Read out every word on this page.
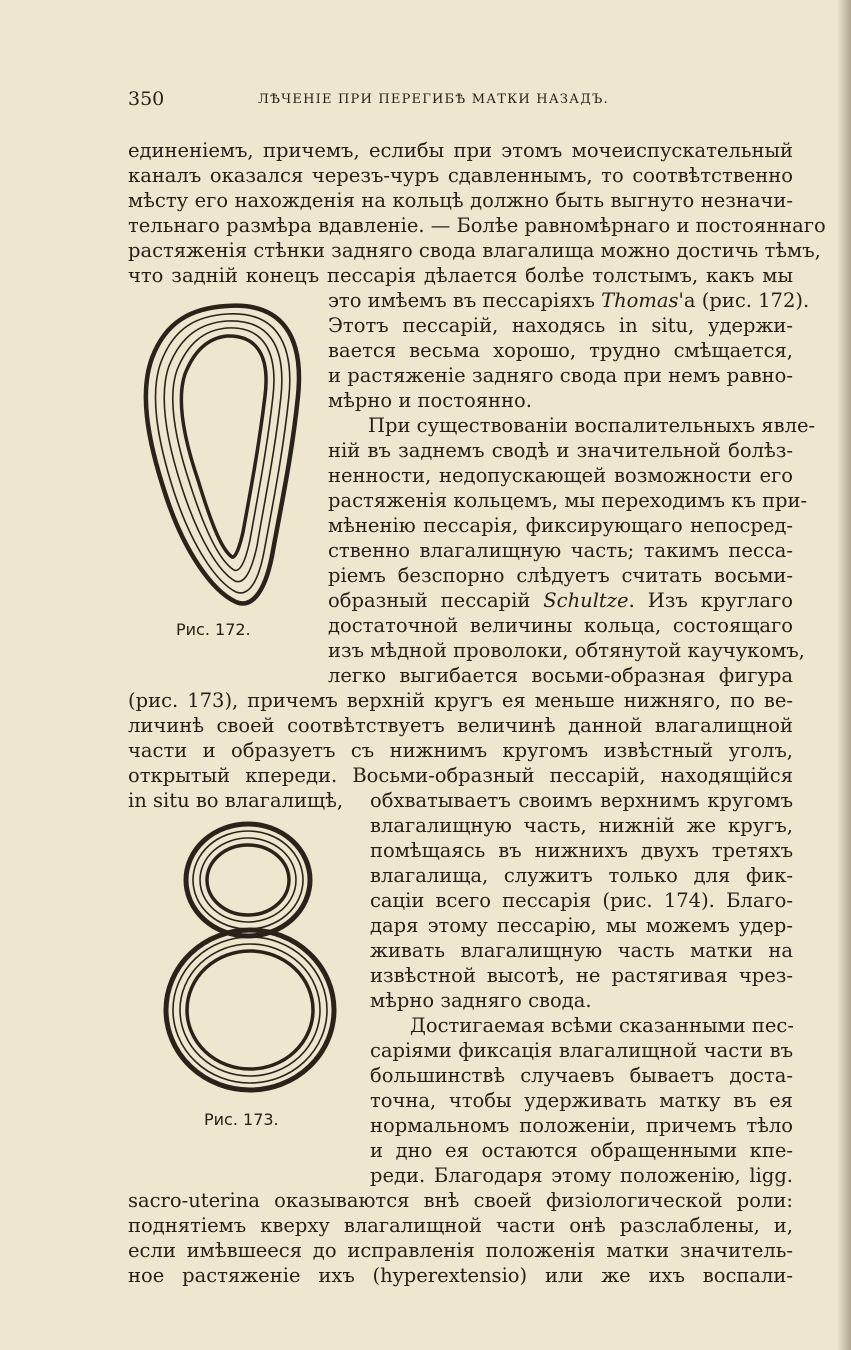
350	ЛѢЧЕНІЕ ПРИ ПЕРЕГИБѢ МАТКИ НАЗАДЪ.
единеніемъ, причемъ, еслибы при этомъ мочеиспускательный
каналъ оказался черезъ-чуръ сдавленнымъ, то соотвѣтственно
мѣсту его нахожденія на кольцѣ должно быть выгнуто незначи-
тельнаго размѣра вдавленіе. — Болѣе равномѣрнаго и постояннаго
растяженія стѣнки задняго свода влагалища можно достичь тѣмъ,
что задній конецъ пессарія дѣлается болѣе толстымъ, какъ мы
это имѣемъ въ пессаріяхъ Thomas'а (рис. 172).
Этотъ пессарій, находясь in situ, удержи-
вается весьма хорошо, трудно смѣщается,
и растяженіе задняго свода при немъ равно-
мѣрно и постоянно.
При существованіи воспалительныхъ явле-
ній въ заднемъ сводѣ и значительной болѣз-
ненности, недопускающей возможности его
растяженія кольцемъ, мы переходимъ къ при-
мѣненію пессарія, фиксирующаго непосред-
ственно влагалищную часть; такимъ песса-
ріемъ безспорно слѣдуетъ считать восьми-
образный пессарій Schultze. Изъ круглаго
достаточной величины кольца, состоящаго
изъ мѣдной проволоки, обтянутой каучукомъ,
легко выгибается восьми-образная фигура
(рис. 173), причемъ верхній кругъ ея меньше нижняго, по ве-
личинѣ своей соотвѣтствуетъ величинѣ данной влагалищной
части и образуетъ съ нижнимъ кругомъ извѣстный уголъ,
открытый кпереди. Восьми-образный пессарій, находящійся
in situ во влагалищѣ,	обхватываетъ своимъ верхнимъ кругомъ
влагалищную часть, нижній же кругъ,
помѣщаясь въ нижнихъ двухъ третяхъ
влагалища, служитъ только для фик-
саціи всего пессарія (рис. 174). Благо-
даря этому пессарію, мы можемъ удер-
живать влагалищную часть матки на
извѣстной высотѣ, не растягивая чрез-
мѣрно задняго свода.
Достигаемая всѣми сказанными пес-
саріями фиксація влагалищной части въ
большинствѣ случаевъ бываетъ доста-
точна, чтобы удерживать матку въ ея
нормальномъ положеніи, причемъ тѣло
и дно ея остаются обращенными кпе-
реди. Благодаря этому положенію, ligg.
sacro-uterina оказываются внѣ своей физіологической роли:
поднятіемъ кверху влагалищной части онѣ разслаблены, и,
если имѣвшееся до исправленія положенія матки значитель-
ное растяженіе ихъ (hyperextensio) или же ихъ воспали-
Рис. 172.
Рис. 173.
